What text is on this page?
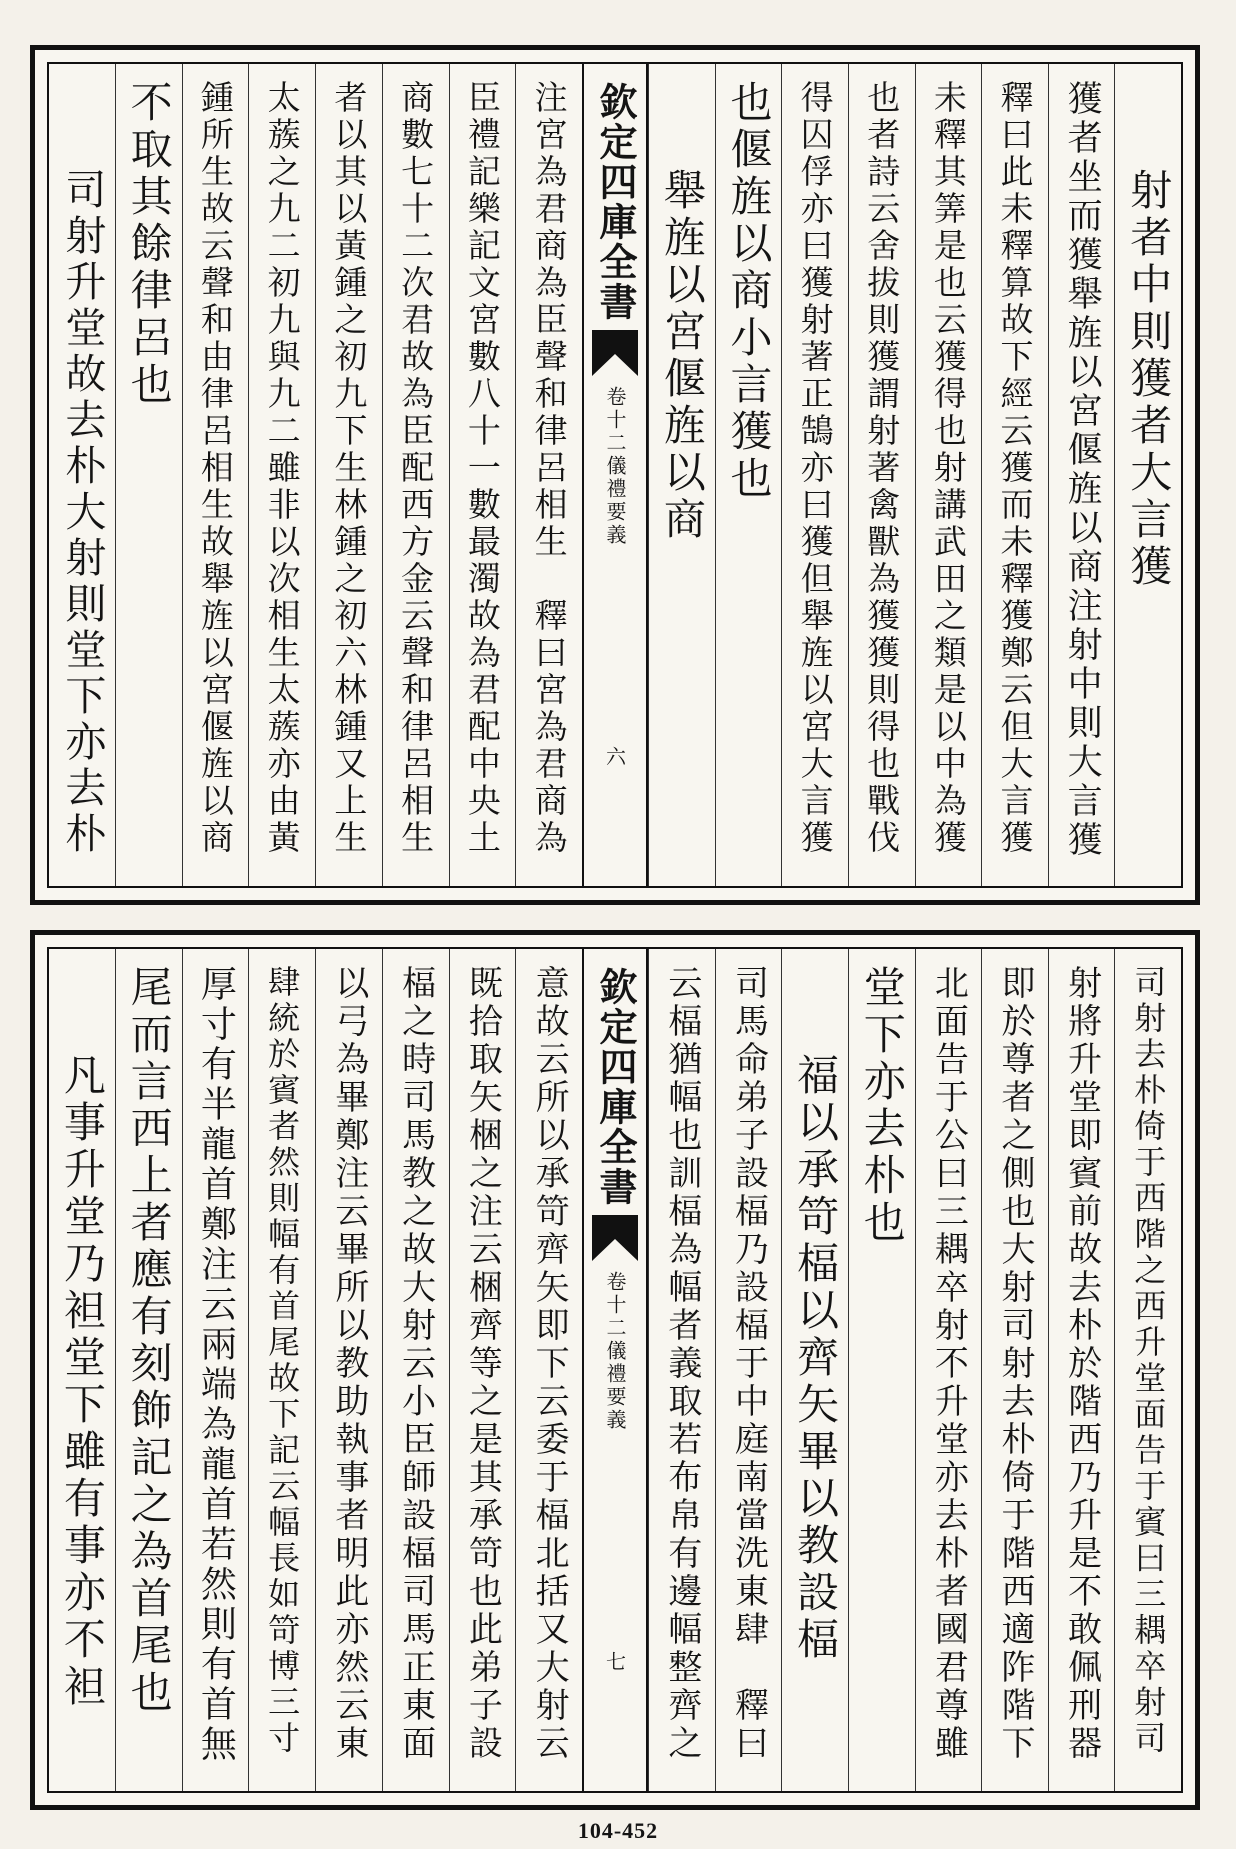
射者中則獲者大言獲
獲者坐而獲舉旌以宮偃旌以商注射中則大言獲
釋曰此未釋算故下經云獲而未釋獲鄭云但大言獲
未釋其筭是也云獲得也射講武田之類是以中為獲
也者詩云舍拔則獲謂射著禽獸為獲獲則得也戰伐
得囚俘亦曰獲射著正鵠亦曰獲但舉旌以宮大言獲
也偃旌以商小言獲也
舉旌以宮偃旌以商
欽定四庫全書
儀禮要義
卷十二
六
注宮為君商為臣聲和律呂相生　釋曰宮為君商為
臣禮記樂記文宮數八十一數最濁故為君配中央土
商數七十二次君故為臣配西方金云聲和律呂相生
者以其以黃鍾之初九下生林鍾之初六林鍾又上生
太蔟之九二初九與九二雖非以次相生太蔟亦由黃
鍾所生故云聲和由律呂相生故舉旌以宮偃旌以商
不取其餘律呂也
司射升堂故去朴大射則堂下亦去朴
司射去朴倚于西階之西升堂面告于賓曰三耦卒射司
射將升堂即賓前故去朴於階西乃升是不敢佩刑器
即於尊者之側也大射司射去朴倚于階西適阼階下
北面告于公曰三耦卒射不升堂亦去朴者國君尊雖
堂下亦去朴也
福以承笴楅以齊矢畢以教設楅
司馬命弟子設楅乃設楅于中庭南當洗東肆　釋曰
云楅猶幅也訓楅為幅者義取若布帛有邊幅整齊之
欽定四庫全書
儀禮要義
卷十二
七
意故云所以承笴齊矢即下云委于楅北括又大射云
既拾取矢梱之注云梱齊等之是其承笴也此弟子設
楅之時司馬教之故大射云小臣師設楅司馬正東面
以弓為畢鄭注云畢所以教助執事者明此亦然云東
肆統於賓者然則幅有首尾故下記云幅長如笴博三寸
厚寸有半龍首鄭注云兩端為龍首若然則有首無
尾而言西上者應有刻飾記之為首尾也
凡事升堂乃袒堂下雖有事亦不袒
104-452
